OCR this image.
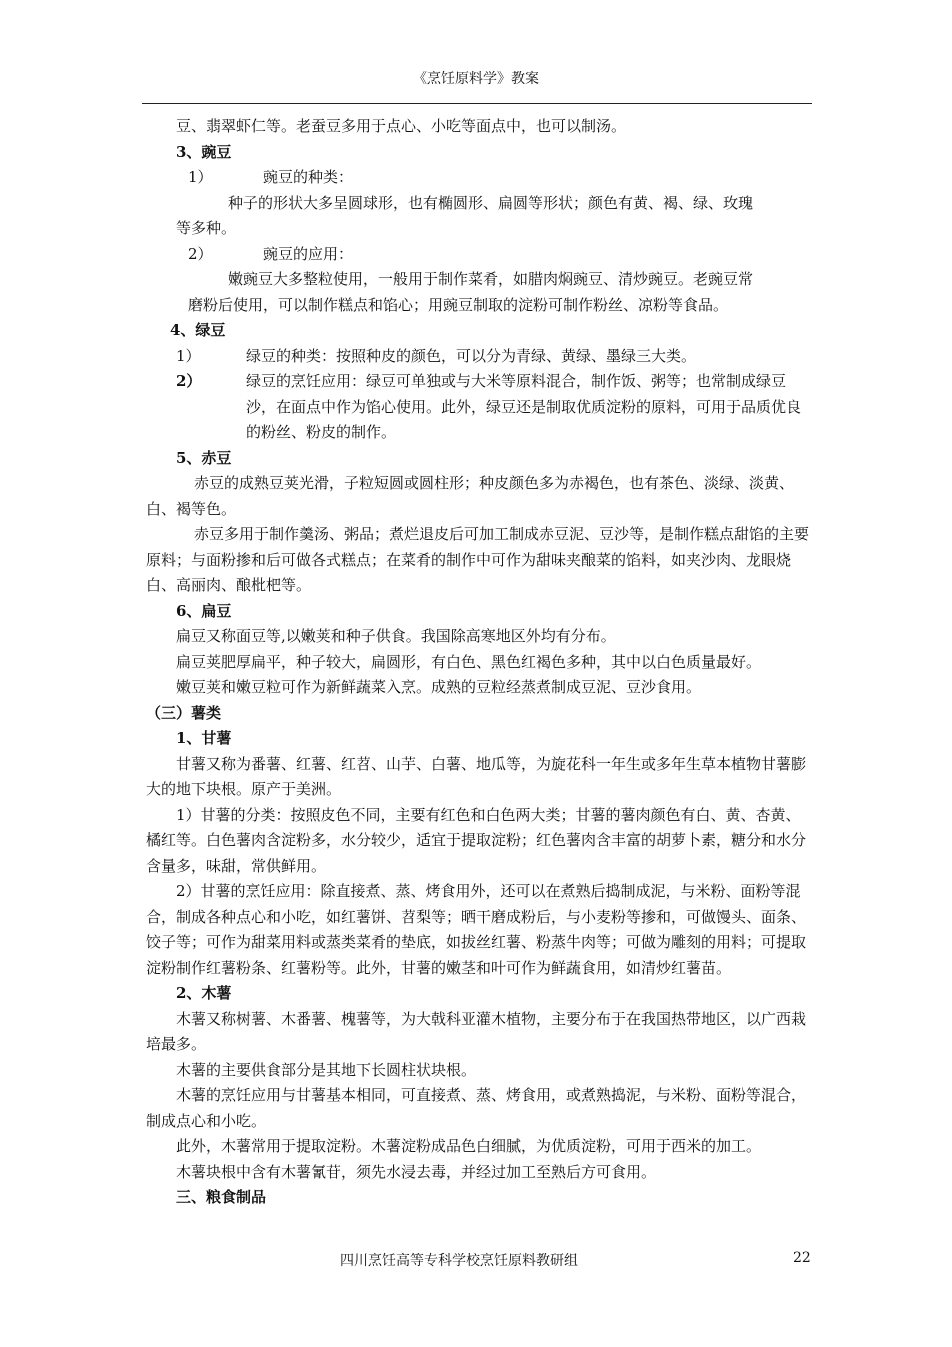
《烹饪原料学》教案

豆、翡翠虾仁等。老蚕豆多用于点心、小吃等面点中，也可以制汤。

3、豌豆

1）	豌豆的种类：

种子的形状大多呈圆球形，也有椭圆形、扁圆等形状；颜色有黄、褐、绿、玫瑰

等多种。

2）	豌豆的应用：

嫩豌豆大多整粒使用，一般用于制作菜肴，如腊肉焖豌豆、清炒豌豆。老豌豆常

磨粉后使用，可以制作糕点和馅心；用豌豆制取的淀粉可制作粉丝、凉粉等食品。

4、绿豆

1）	绿豆的种类：按照种皮的颜色，可以分为青绿、黄绿、墨绿三大类。
2）	绿豆的烹饪应用：绿豆可单独或与大米等原料混合，制作饭、粥等；也常制成绿豆沙，在面点中作为馅心使用。此外，绿豆还是制取优质淀粉的原料，可用于品质优良的粉丝、粉皮的制作。

5、赤豆

赤豆的成熟豆荚光滑，子粒短圆或圆柱形；种皮颜色多为赤褐色，也有茶色、淡绿、淡黄、白、褐等色。

赤豆多用于制作羹汤、粥品；煮烂退皮后可加工制成赤豆泥、豆沙等，是制作糕点甜馅的主要原料；与面粉掺和后可做各式糕点；在菜肴的制作中可作为甜味夹酿菜的馅料，如夹沙肉、龙眼烧白、高丽肉、酿枇杷等。

6、扁豆

扁豆又称面豆等,以嫩荚和种子供食。我国除高寒地区外均有分布。

扁豆荚肥厚扁平，种子较大，扁圆形，有白色、黑色红褐色多种，其中以白色质量最好。

嫩豆荚和嫩豆粒可作为新鲜蔬菜入烹。成熟的豆粒经蒸煮制成豆泥、豆沙食用。

（三）薯类

1、甘薯

甘薯又称为番薯、红薯、红苕、山芋、白薯、地瓜等，为旋花科一年生或多年生草本植物甘薯膨大的地下块根。原产于美洲。

1）甘薯的分类：按照皮色不同，主要有红色和白色两大类；甘薯的薯肉颜色有白、黄、杏黄、橘红等。白色薯肉含淀粉多，水分较少，适宜于提取淀粉；红色薯肉含丰富的胡萝卜素，糖分和水分含量多，味甜，常供鲜用。

2）甘薯的烹饪应用：除直接煮、蒸、烤食用外，还可以在煮熟后捣制成泥，与米粉、面粉等混合，制成各种点心和小吃，如红薯饼、苕梨等；晒干磨成粉后，与小麦粉等掺和，可做馒头、面条、饺子等；可作为甜菜用料或蒸类菜肴的垫底，如拔丝红薯、粉蒸牛肉等；可做为雕刻的用料；可提取淀粉制作红薯粉条、红薯粉等。此外，甘薯的嫩茎和叶可作为鲜蔬食用，如清炒红薯苗。

2、木薯

木薯又称树薯、木番薯、槐薯等，为大戟科亚灌木植物，主要分布于在我国热带地区，以广西栽培最多。

木薯的主要供食部分是其地下长圆柱状块根。

木薯的烹饪应用与甘薯基本相同，可直接煮、蒸、烤食用，或煮熟捣泥，与米粉、面粉等混合，制成点心和小吃。

此外，木薯常用于提取淀粉。木薯淀粉成品色白细腻，为优质淀粉，可用于西米的加工。

木薯块根中含有木薯氰苷，须先水浸去毒，并经过加工至熟后方可食用。

三、粮食制品

四川烹饪高等专科学校烹饪原料教研组	22
